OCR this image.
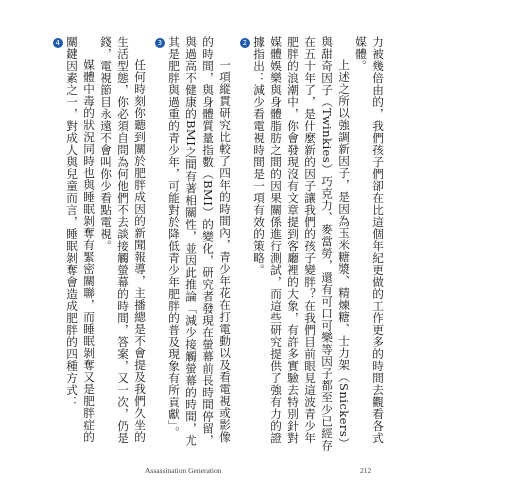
力被幾倍由的，我們孩子們卻在比這個年紀更做的工作更多的時間去觀看各式媒體。

上述之所以強調新因子，是因為玉米糖漿、精煉糖、士力架（Snickers）與甜奇因子（Twinkies）巧克力、麥當勞，還有可口可樂等因子都至少已經存在五十年了，是什麼新的因子讓我們的孩子變胖？在我們目前眼見這波青少年肥胖的浪潮中，你會發現沒有文章提到客廳裡的大象，有許多實驗去特別針對媒體娛樂與身體脂肪之間的因果關係進行測試，而這些研究提供了強有力的證據指出：減少看電視時間是一項有效的策略。

2

一項縱貫研究比較了四年的時間內，青少年花在打電動以及看電視或影像的時間，與身體質量指數（BMI）的變化，研究者發現在螢幕前長時間停留，與過高不健康的BMI之間有著相關性，並因此推論「減少接觸螢幕的時間，尤其是肥胖與過重的青少年，可能對於降低青少年肥胖的普及現象有所貢獻」。

3

任何時刻你聽到關於肥胖成因的新聞報導，主播總是不會提及我們久坐的生活型態，你必須自問為何他們不去談接觸螢幕的時間，答案，又一次，仍是錢，電視節目永遠不會叫你少看點電視。

媒體中毒的狀況同時也與睡眠剝奪有緊密關聯，而睡眠剝奪又是肥胖症的關鍵因素之一，對成人與兒童而言，睡眠剝奪會造成肥胖的四種方式：

4
Assassination Generation	212
